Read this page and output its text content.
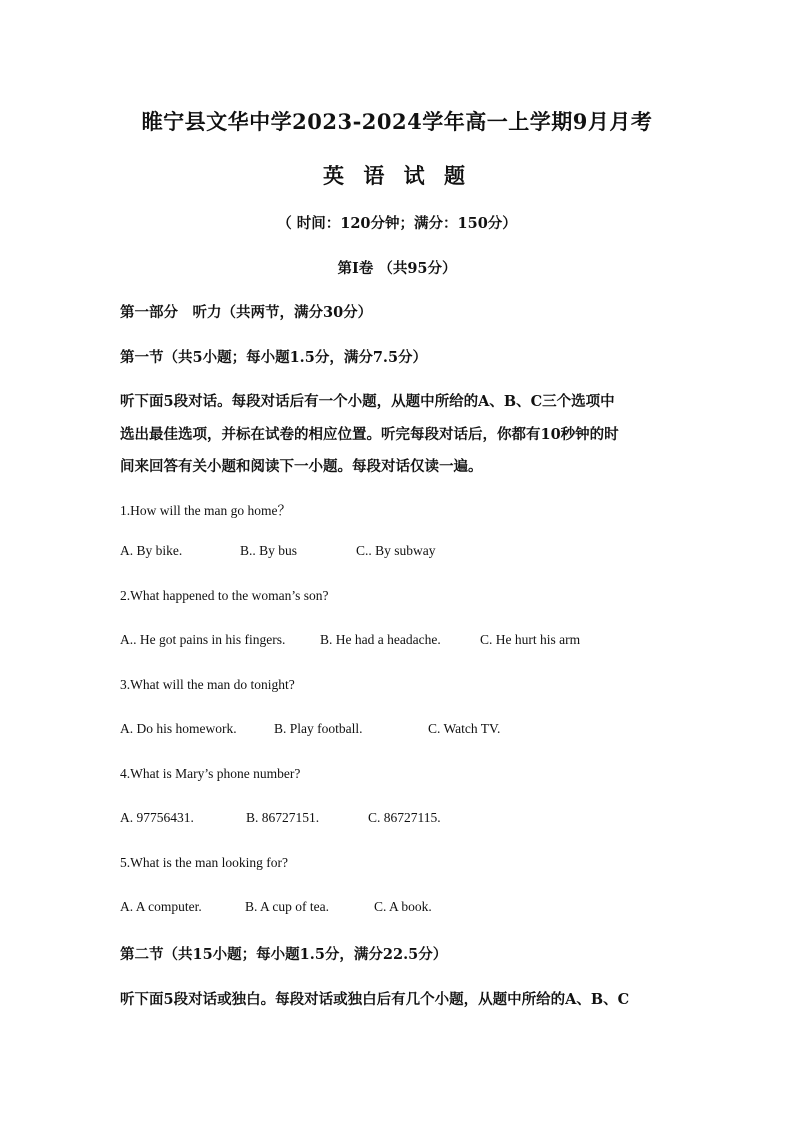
睢宁县文华中学2023-2024学年高一上学期9月月考
英 语 试 题
（ 时间：120分钟；满分：150分）
第I卷 （共95分）
第一部分　听力（共两节，满分30分）
第一节（共5小题；每小题1.5分，满分7.5分）
听下面5段对话。每段对话后有一个小题，从题中所给的A、B、C三个选项中
选出最佳选项，并标在试卷的相应位置。听完每段对话后，你都有10秒钟的时
间来回答有关小题和阅读下一小题。每段对话仅读一遍。
1.How will the man go home？
A. By bike.	B.. By bus	C.. By subway
2.What happened to the woman’s son?
A.. He got pains in his fingers.	B. He had a headache.	C. He hurt his arm
3.What will the man do tonight?
A. Do his homework.	B. Play football.	C. Watch TV.
4.What is Mary’s phone number?
A. 97756431.	B. 86727151.	C. 86727115.
5.What is the man looking for?
A. A computer.	B. A cup of tea.	C. A book.
第二节（共15小题；每小题1.5分，满分22.5分）
听下面5段对话或独白。每段对话或独白后有几个小题，从题中所给的A、B、C
